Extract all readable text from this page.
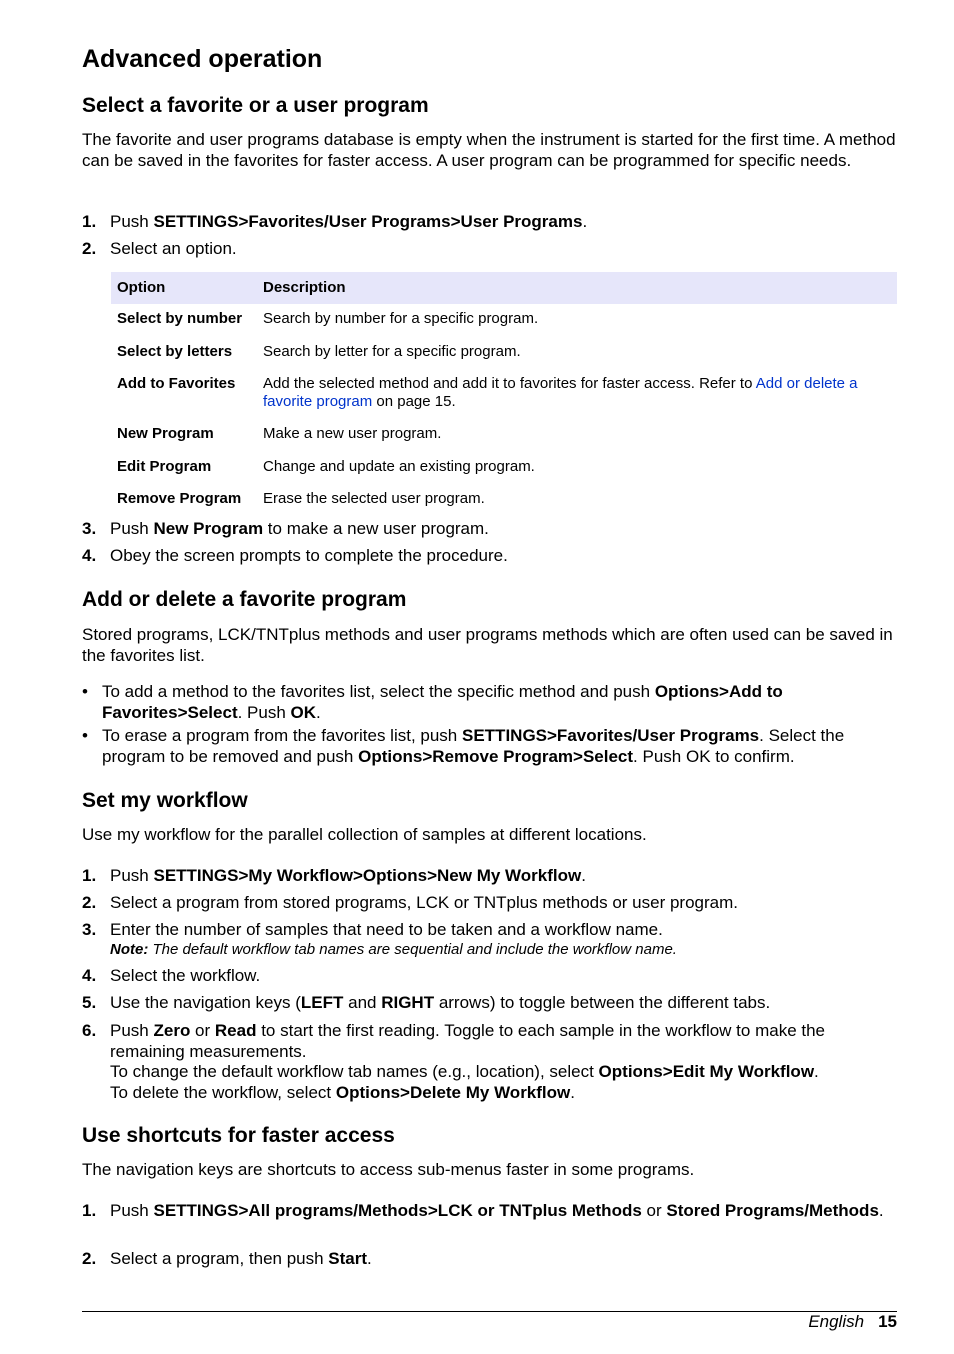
Advanced operation
Select a favorite or a user program

The favorite and user programs database is empty when the instrument is started for the first time. A method can be saved in the favorites for faster access. A user program can be programmed for specific needs.

1. Push SETTINGS>Favorites/User Programs>User Programs.
2. Select an option.
Option	Description
Select by number	Search by number for a specific program.
Select by letters	Search by letter for a specific program.
Add to Favorites	Add the selected method and add it to favorites for faster access. Refer to Add or delete a favorite program on page 15.
New Program	Make a new user program.
Edit Program	Change and update an existing program.
Remove Program	Erase the selected user program.
3. Push New Program to make a new user program.
4. Obey the screen prompts to complete the procedure.
Add or delete a favorite program

Stored programs, LCK/TNTplus methods and user programs methods which are often used can be saved in the favorites list.

• To add a method to the favorites list, select the specific method and push Options>Add to Favorites>Select. Push OK.
• To erase a program from the favorites list, push SETTINGS>Favorites/User Programs. Select the program to be removed and push Options>Remove Program>Select. Push OK to confirm.
Set my workflow

Use my workflow for the parallel collection of samples at different locations.

1. Push SETTINGS>My Workflow>Options>New My Workflow.
2. Select a program from stored programs, LCK or TNTplus methods or user program.
3. Enter the number of samples that need to be taken and a workflow name.
Note: The default workflow tab names are sequential and include the workflow name.
4. Select the workflow.
5. Use the navigation keys (LEFT and RIGHT arrows) to toggle between the different tabs.
6. Push Zero or Read to start the first reading. Toggle to each sample in the workflow to make the remaining measurements.
To change the default workflow tab names (e.g., location), select Options>Edit My Workflow.
To delete the workflow, select Options>Delete My Workflow.
Use shortcuts for faster access

The navigation keys are shortcuts to access sub-menus faster in some programs.

1. Push SETTINGS>All programs/Methods>LCK or TNTplus Methods or Stored Programs/Methods.
2. Select a program, then push Start.
English 15
